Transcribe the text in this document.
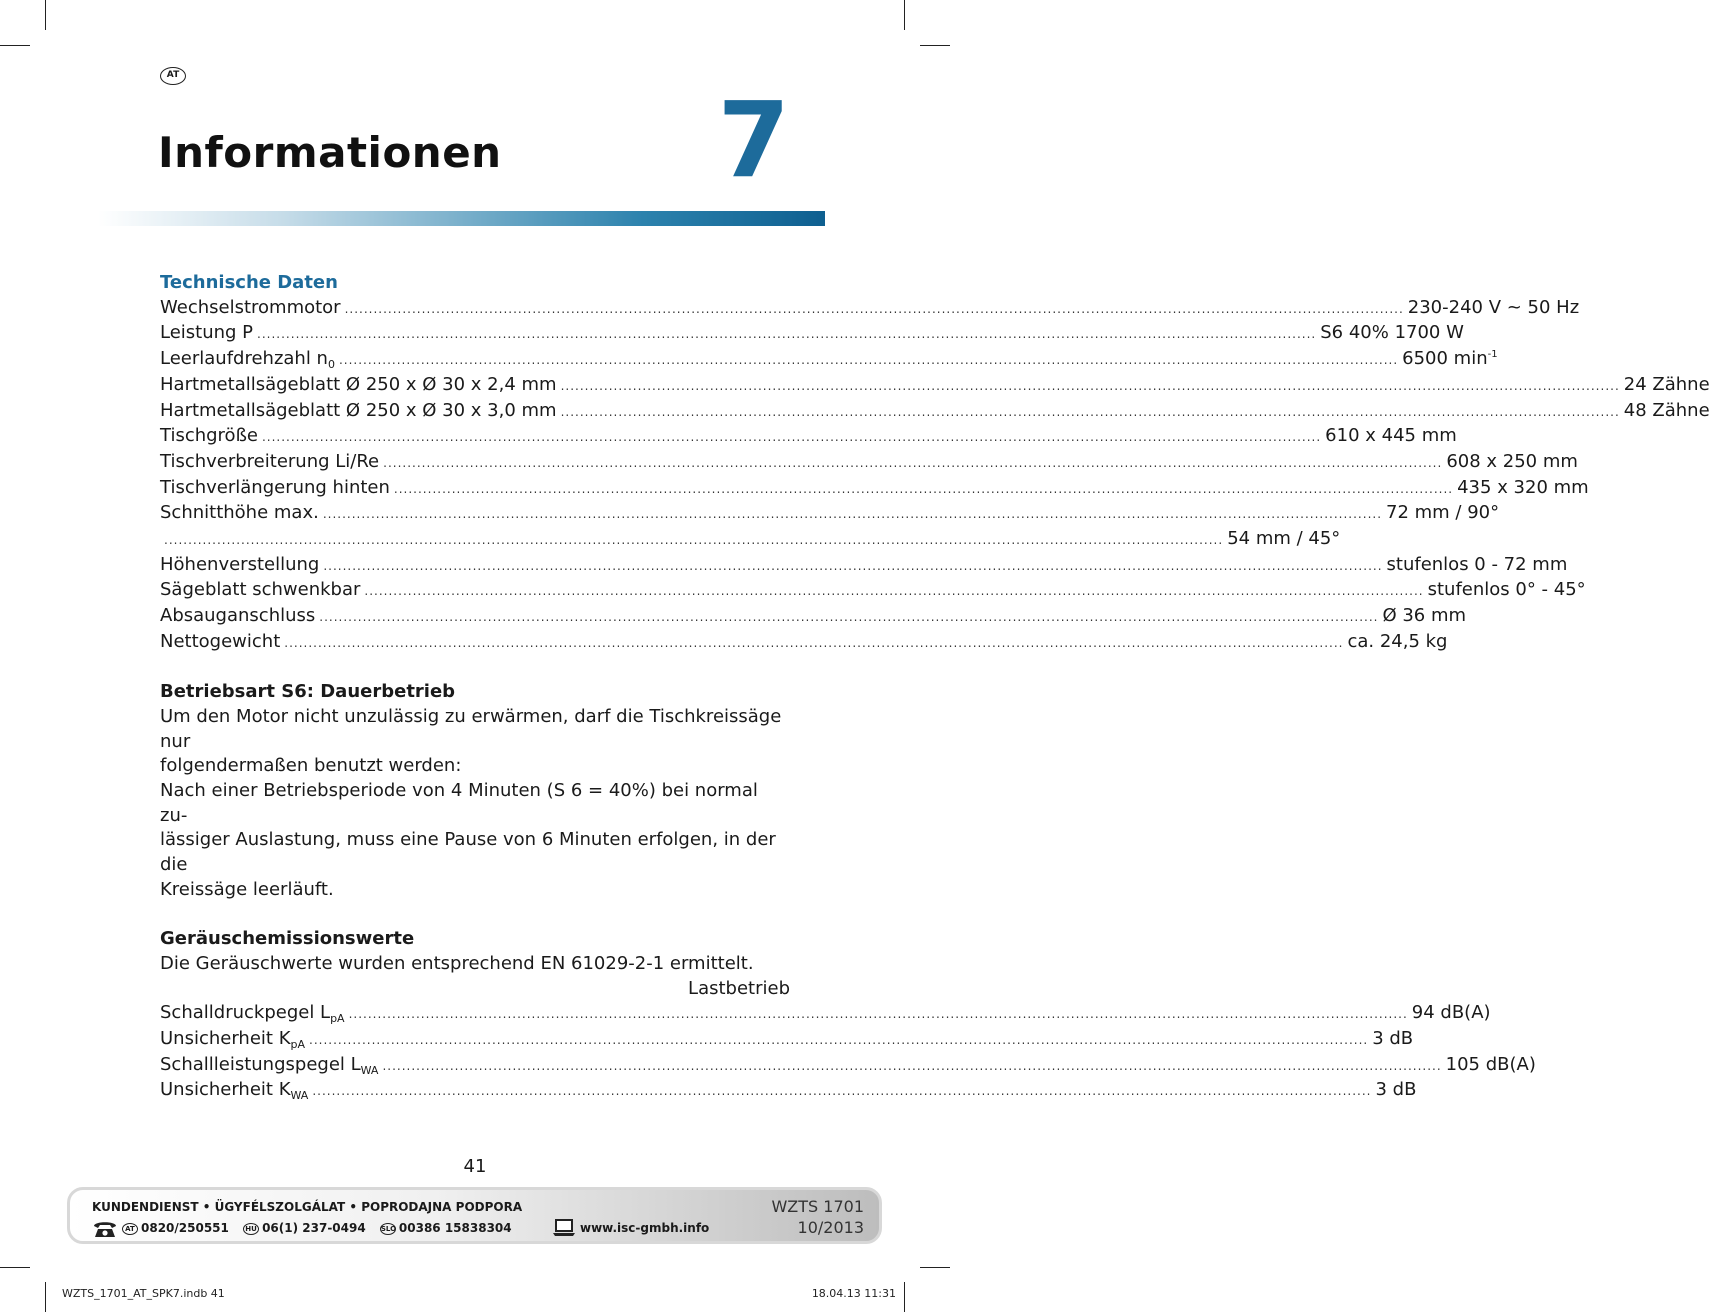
AT
Informationen 7
Technische Daten
Wechselstrommotor ............................................................................................................................................................................................................................ 230-240 V ~ 50 Hz
Leistung P ............................................................................................................................................................................................................................ S6 40% 1700 W
Leerlaufdrehzahl $n_0$ ............................................................................................................................................................................................................................ 6500 $\min^{-1}$
Hartmetallsägeblatt Ø 250 x Ø 30 x 2,4 mm ............................................................................................................................................................................................................................ 24 Zähne
Hartmetallsägeblatt Ø 250 x Ø 30 x 3,0 mm ............................................................................................................................................................................................................................ 48 Zähne
Tischgröße ............................................................................................................................................................................................................................ 610 x 445 mm
Tischverbreiterung Li/Re ............................................................................................................................................................................................................................ 608 x 250 mm
Tischverlängerung hinten ............................................................................................................................................................................................................................ 435 x 320 mm
Schnitthöhe max. ............................................................................................................................................................................................................................ 72 mm / 90°
............................................................................................................................................................................................................................ 54 mm / 45°
Höhenverstellung ............................................................................................................................................................................................................................ stufenlos 0 - 72 mm
Sägeblatt schwenkbar ............................................................................................................................................................................................................................ stufenlos 0° - 45°
Absauganschluss ............................................................................................................................................................................................................................ Ø 36 mm
Nettogewicht ............................................................................................................................................................................................................................ ca. 24,5 kg
Betriebsart S6: Dauerbetrieb
Um den Motor nicht unzulässig zu erwärmen, darf die Tischkreissäge nur
folgendermaßen benutzt werden:
Nach einer Betriebsperiode von 4 Minuten (S 6 = 40%) bei normal zu-
lässiger Auslastung, muss eine Pause von 6 Minuten erfolgen, in der die
Kreissäge leerläuft.
Geräuschemissionswerte
Die Geräuschwerte wurden entsprechend EN 61029-2-1 ermittelt.
Lastbetrieb
Schalldruckpegel $L_{pA}$ ............................................................................................................................................................................................................................ 94 dB(A)
Unsicherheit $K_{pA}$ ............................................................................................................................................................................................................................ 3 dB
Schallleistungspegel $L_{WA}$ ............................................................................................................................................................................................................................ 105 dB(A)
Unsicherheit $K_{WA}$ ............................................................................................................................................................................................................................ 3 dB
41
KUNDENDIENST • ÜGYFÉLSZOLGÁLAT • POPRODAJNA PODPORA
AT 0820/250551 HU 06(1) 237-0494 SLO 00386 15838304	www.isc-gmbh.info
WZTS 1701
10/2013
WZTS_1701_AT_SPK7.indb 41	18.04.13 11:31
